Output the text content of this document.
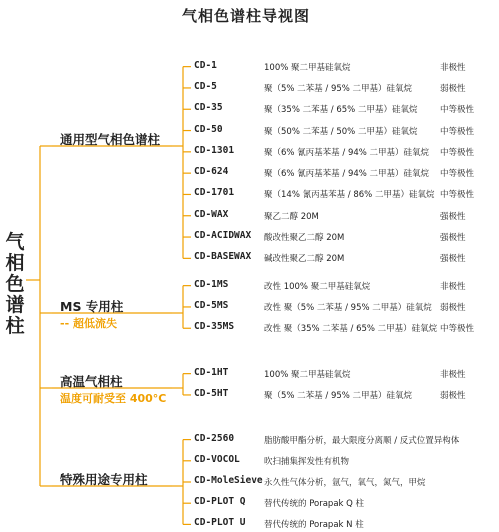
气相色谱柱导视图
气
相
色
谱
柱
通用型气相色谱柱
CD-1	100% 聚二甲基硅氧烷	非极性
CD-5	聚（5% 二苯基 / 95% 二甲基）硅氧烷	弱极性
CD-35	聚（35% 二苯基 / 65% 二甲基）硅氧烷	中等极性
CD-50	聚（50% 二苯基 / 50% 二甲基）硅氧烷	中等极性
CD-1301	聚（6% 氰丙基苯基 / 94% 二甲基）硅氧烷 中等极性
CD-624	聚（6% 氰丙基苯基 / 94% 二甲基）硅氧烷 中等极性
CD-1701	聚（14% 氰丙基苯基 / 86% 二甲基）硅氧烷 中等极性
CD-WAX	聚乙二醇 20M	强极性
CD-ACIDWAX 酸改性聚乙二醇 20M	强极性
CD-BASEWAX 碱改性聚乙二醇 20M	强极性
MS 专用柱
-- 超低流失
CD-1MS	改性 100% 聚二甲基硅氧烷	非极性
CD-5MS	改性 聚（5% 二苯基 / 95% 二甲基）硅氧烷 弱极性
CD-35MS	改性 聚（35% 二苯基 / 65% 二甲基）硅氧烷 中等极性
高温气相柱
温度可耐受至 400°C
CD-1HT	100% 聚二甲基硅氧烷	非极性
CD-5HT	聚（5% 二苯基 / 95% 二甲基）硅氧烷	弱极性
特殊用途专用柱
CD-2560	脂肪酸甲酯分析，最大限度分离顺 / 反式位置异构体
CD-VOCOL	吹扫捕集挥发性有机物
CD-MoleSieve 永久性气体分析，氩气，氧气，氮气，甲烷
CD-PLOT Q 替代传统的 Porapak Q 柱
CD-PLOT U 替代传统的 Porapak N 柱
